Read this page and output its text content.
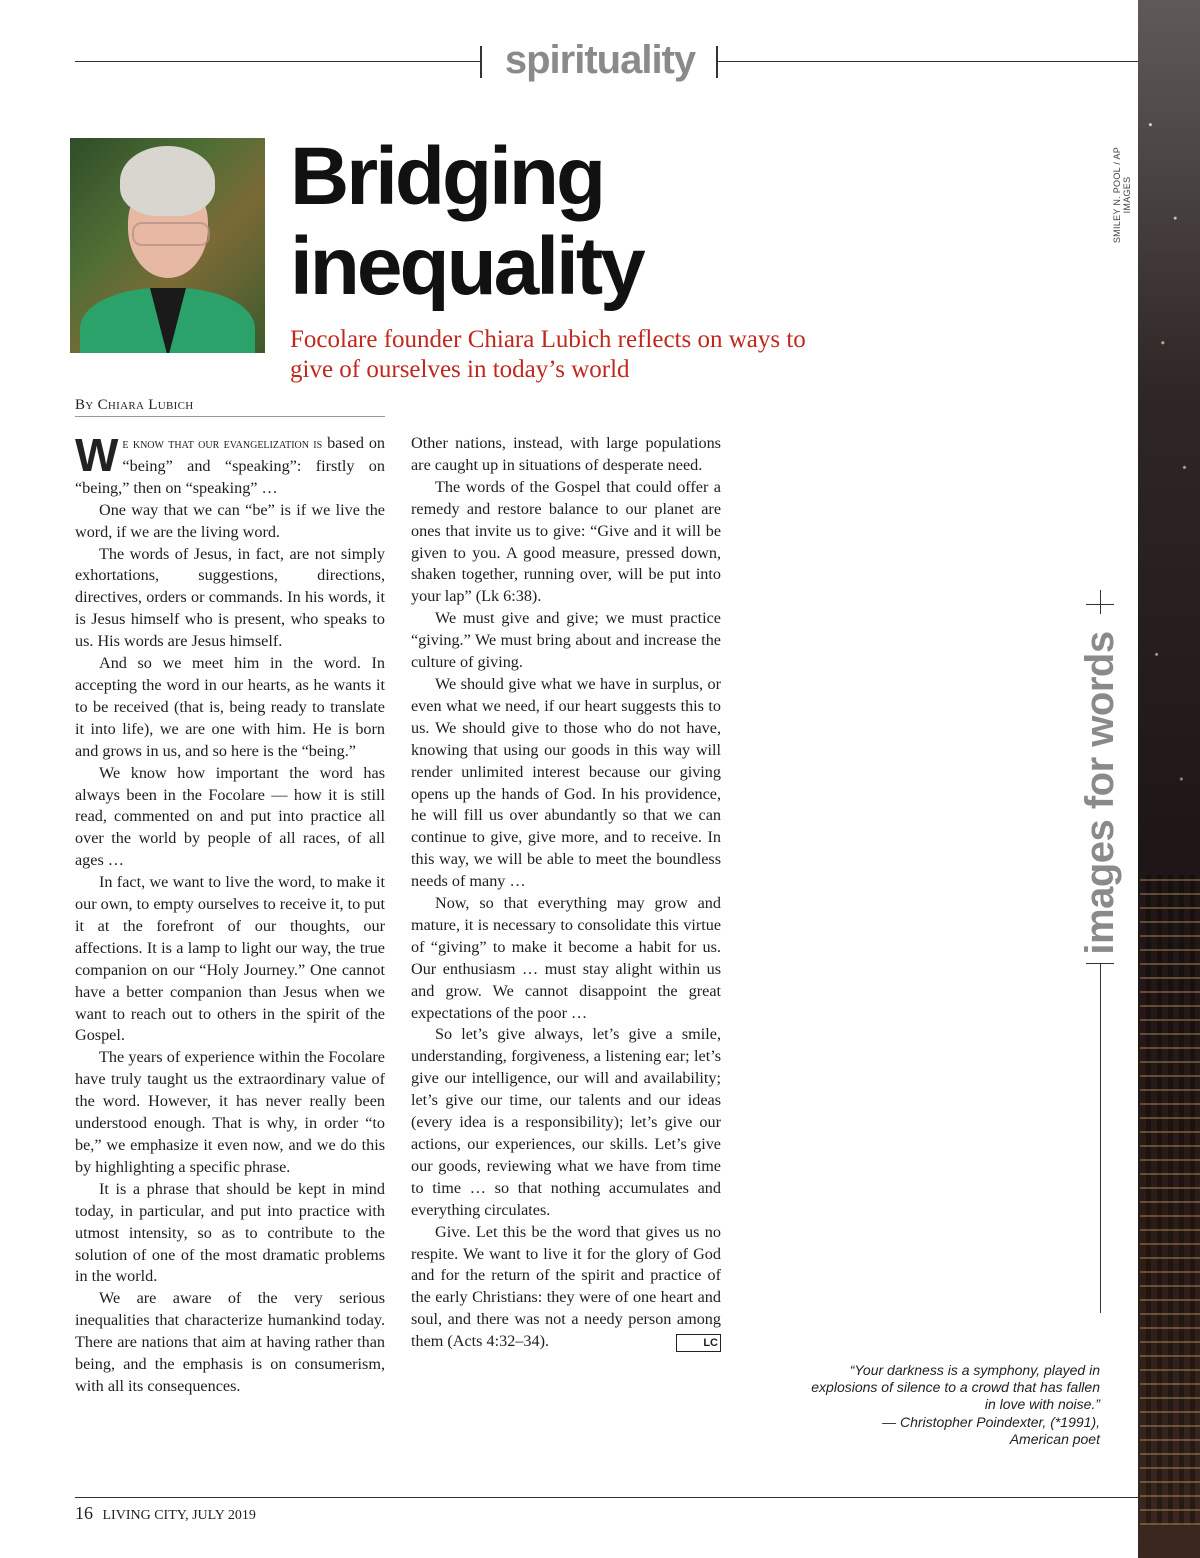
spirituality
SMILEY N. POOL / AP IMAGES
Bridging
inequality

Focolare founder Chiara Lubich reflects on ways to give of ourselves in today’s world

By Chiara Lubich

We know that our evangelization is based on “being” and “speaking”: firstly on “being,” then on “speaking” …

One way that we can “be” is if we live the word, if we are the living word.

The words of Jesus, in fact, are not simply exhortations, suggestions, directions, directives, orders or commands. In his words, it is Jesus himself who is present, who speaks to us. His words are Jesus himself.

And so we meet him in the word. In accepting the word in our hearts, as he wants it to be received (that is, being ready to translate it into life), we are one with him. He is born and grows in us, and so here is the “being.”

We know how important the word has always been in the Focolare — how it is still read, commented on and put into practice all over the world by people of all races, of all ages …

In fact, we want to live the word, to make it our own, to empty ourselves to receive it, to put it at the forefront of our thoughts, our affections. It is a lamp to light our way, the true companion on our “Holy Journey.” One cannot have a better companion than Jesus when we want to reach out to others in the spirit of the Gospel.

The years of experience within the Focolare have truly taught us the extraordinary value of the word. However, it has never really been understood enough. That is why, in order “to be,” we emphasize it even now, and we do this by highlighting a specific phrase.

It is a phrase that should be kept in mind today, in particular, and put into practice with utmost intensity, so as to contribute to the solution of one of the most dramatic problems in the world.

We are aware of the very serious inequalities that characterize humankind today. There are nations that aim at having rather than being, and the emphasis is on consumerism, with all its consequences.

Other nations, instead, with large populations are caught up in situations of desperate need.

The words of the Gospel that could offer a remedy and restore balance to our planet are ones that invite us to give: “Give and it will be given to you. A good measure, pressed down, shaken together, running over, will be put into your lap” (Lk 6:38).

We must give and give; we must practice “giving.” We must bring about and increase the culture of giving.

We should give what we have in surplus, or even what we need, if our heart suggests this to us. We should give to those who do not have, knowing that using our goods in this way will render unlimited interest because our giving opens up the hands of God. In his providence, he will fill us over abundantly so that we can continue to give, give more, and to receive. In this way, we will be able to meet the boundless needs of many …

Now, so that everything may grow and mature, it is necessary to consolidate this virtue of “giving” to make it become a habit for us. Our enthusiasm … must stay alight within us and grow. We cannot disappoint the great expectations of the poor …

So let’s give always, let’s give a smile, understanding, forgiveness, a listening ear; let’s give our intelligence, our will and availability; let’s give our time, our talents and our ideas (every idea is a responsibility); let’s give our actions, our experiences, our skills. Let’s give our goods, reviewing what we have from time to time … so that nothing accumulates and everything circulates.

Give. Let this be the word that gives us no respite. We want to live it for the glory of God and for the return of the spirit and practice of the early Christians: they were of one heart and soul, and there was not a needy person among them (Acts 4:32–34).	LC

images for words

“Your darkness is a symphony, played in explosions of silence to a crowd that has fallen in love with noise.”

— Christopher Poindexter, (*1991),
American poet

16 LIVING CITY, JULY 2019
